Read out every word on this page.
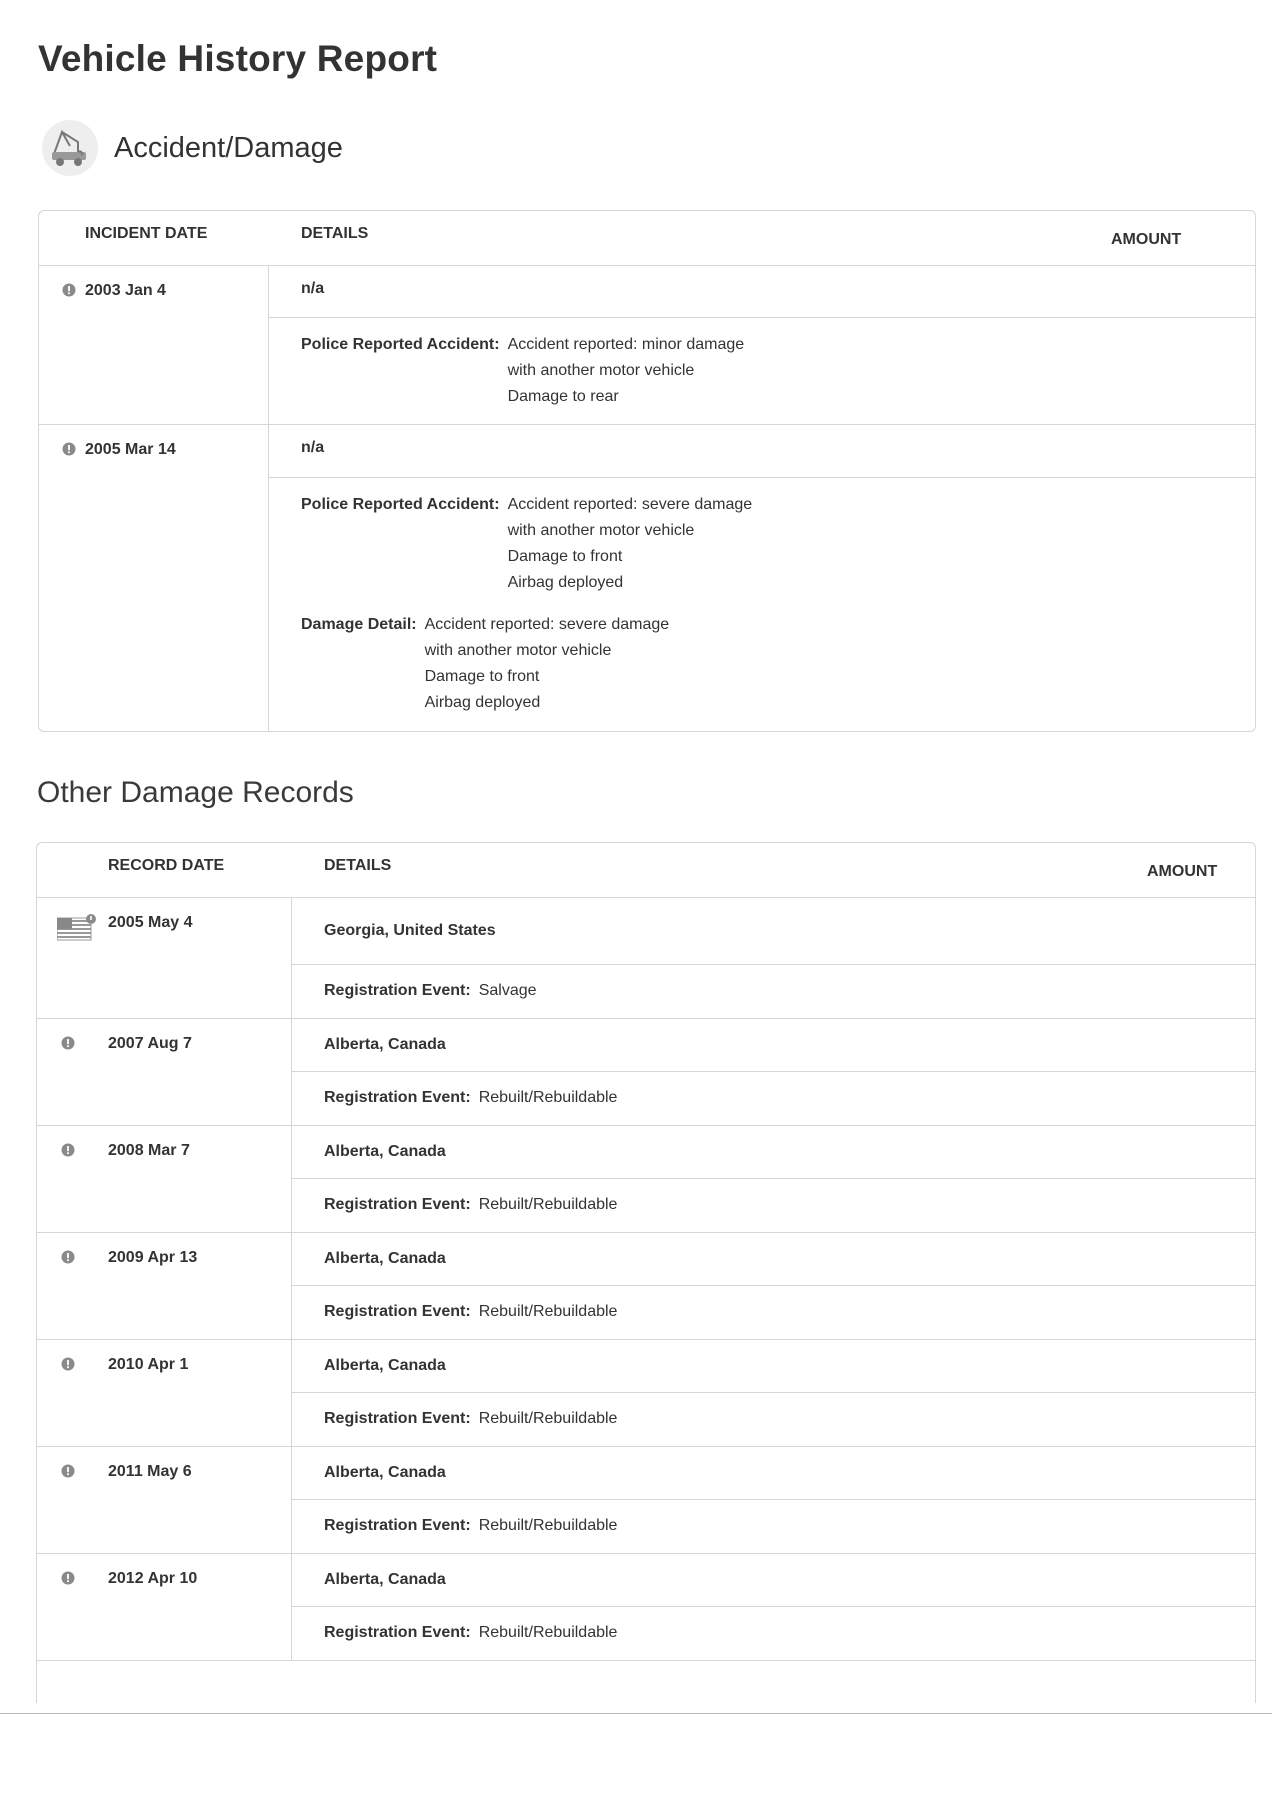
Vehicle History Report
Accident/Damage
INCIDENT DATE	DETAILS	AMOUNT
2003 Jan 4	n/a
Police Reported Accident: Accident reported: minor damage
with another motor vehicle
Damage to rear
2005 Mar 14	n/a
Police Reported Accident: Accident reported: severe damage
with another motor vehicle
Damage to front
Airbag deployed
Damage Detail: Accident reported: severe damage
with another motor vehicle
Damage to front
Airbag deployed
Other Damage Records
RECORD DATE	DETAILS	AMOUNT
2005 May 4	Georgia, United States
Registration Event: Salvage
2007 Aug 7	Alberta, Canada
Registration Event: Rebuilt/Rebuildable
2008 Mar 7	Alberta, Canada
Registration Event: Rebuilt/Rebuildable
2009 Apr 13	Alberta, Canada
Registration Event: Rebuilt/Rebuildable
2010 Apr 1	Alberta, Canada
Registration Event: Rebuilt/Rebuildable
2011 May 6	Alberta, Canada
Registration Event: Rebuilt/Rebuildable
2012 Apr 10	Alberta, Canada
Registration Event: Rebuilt/Rebuildable
